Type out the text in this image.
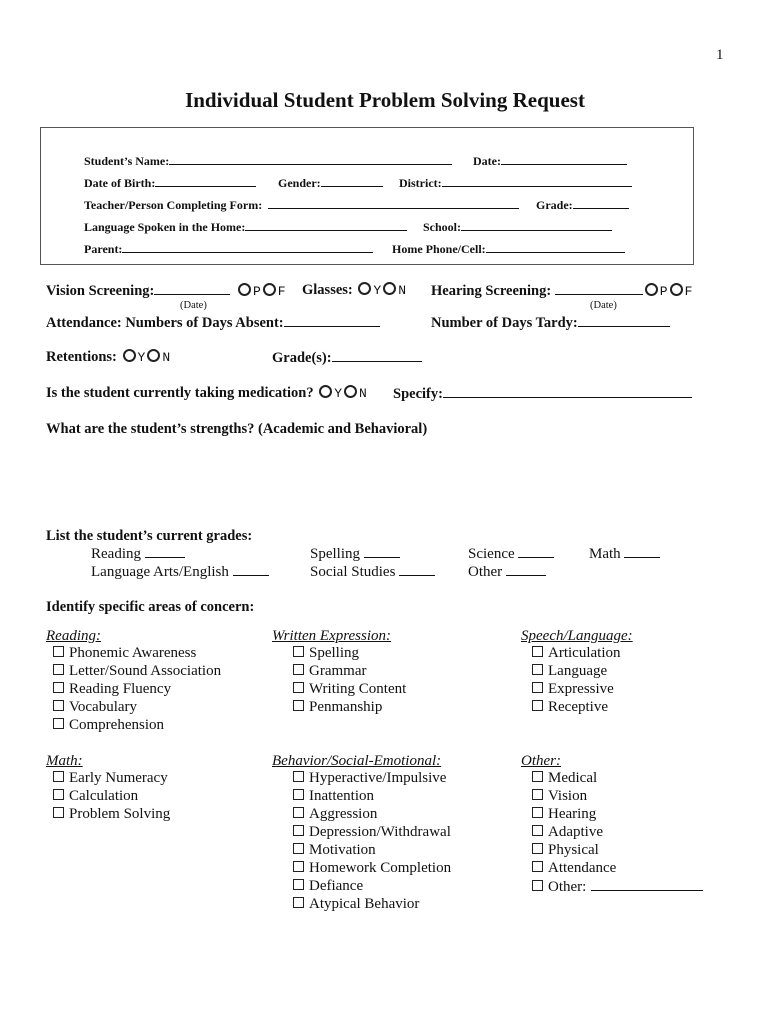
1
Individual Student Problem Solving Request
Student’s Name:	Date:
Date of Birth:	Gender:	District:
Teacher/Person Completing Form:	Grade:
Language Spoken in the Home:	School:
Parent:	Home Phone/Cell:
Vision Screening:	P F Glasses: Y N Hearing Screening:	P F
(Date)	(Date)
Attendance: Numbers of Days Absent:	Number of Days Tardy:
Retentions: Y N	Grade(s):
Is the student currently taking medication? Y N Specify:
What are the student’s strengths? (Academic and Behavioral)
List the student’s current grades:
Reading	Spelling	Science	Math
Language Arts/English	Social Studies	Other
Identify specific areas of concern:
Reading:
Phonemic Awareness
Letter/Sound Association
Reading Fluency
Vocabulary
Comprehension
Written Expression:
Spelling
Grammar
Writing Content
Penmanship
Speech/Language:
Articulation
Language
Expressive
Receptive
Math:
Early Numeracy
Calculation
Problem Solving
Behavior/Social-Emotional:
Hyperactive/Impulsive
Inattention
Aggression
Depression/Withdrawal
Motivation
Homework Completion
Defiance
Atypical Behavior
Other:
Medical
Vision
Hearing
Adaptive
Physical
Attendance
Other:
